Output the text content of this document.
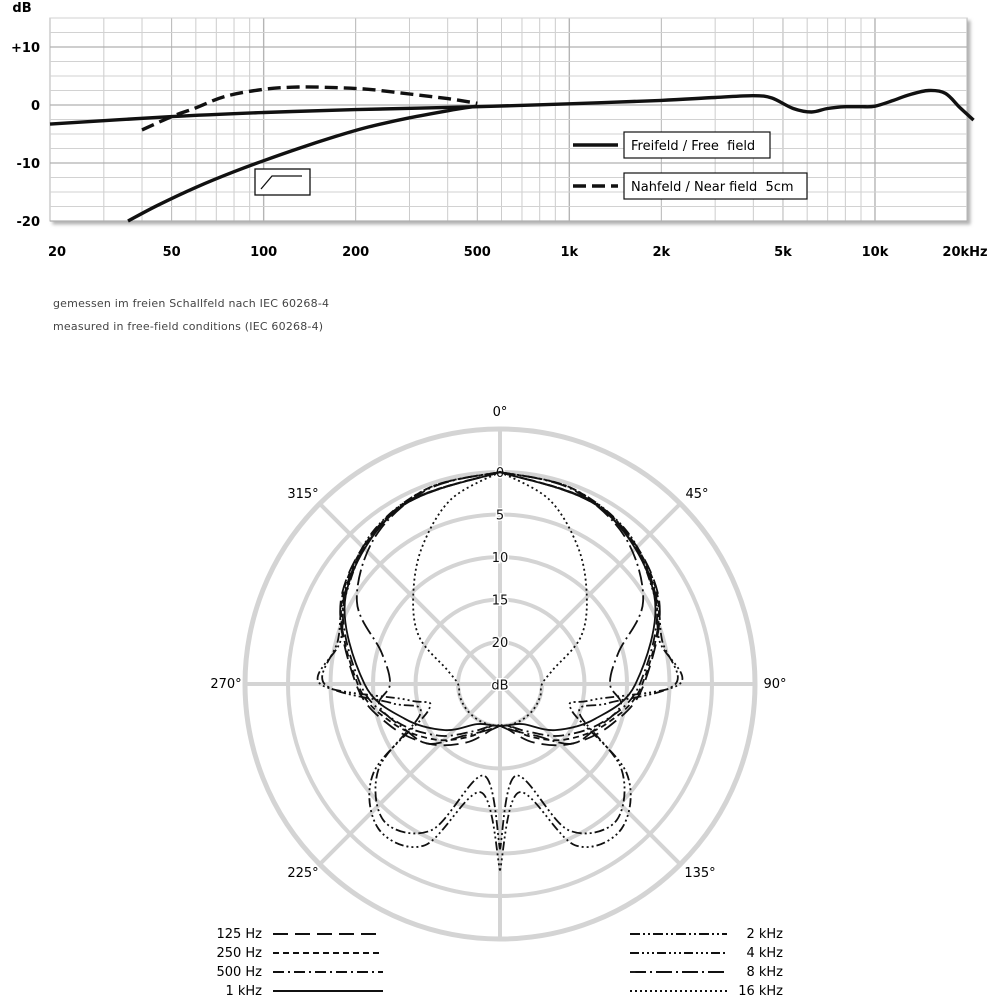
dB
+10
0
-10
-20
20	50	100	200	500	1k	2k	5k	10k	20kHz
Freifeld / Free  field
Nahfeld / Near field  5cm
0
5
10
15
20
dB
0°
45°
90°
135°
225°
270°
315°
125 Hz
250 Hz
500 Hz
1 kHz
2 kHz
4 kHz
8 kHz
16 kHz
gemessen im freien Schallfeld nach IEC 60268-4
measured in free-field conditions (IEC 60268-4)
